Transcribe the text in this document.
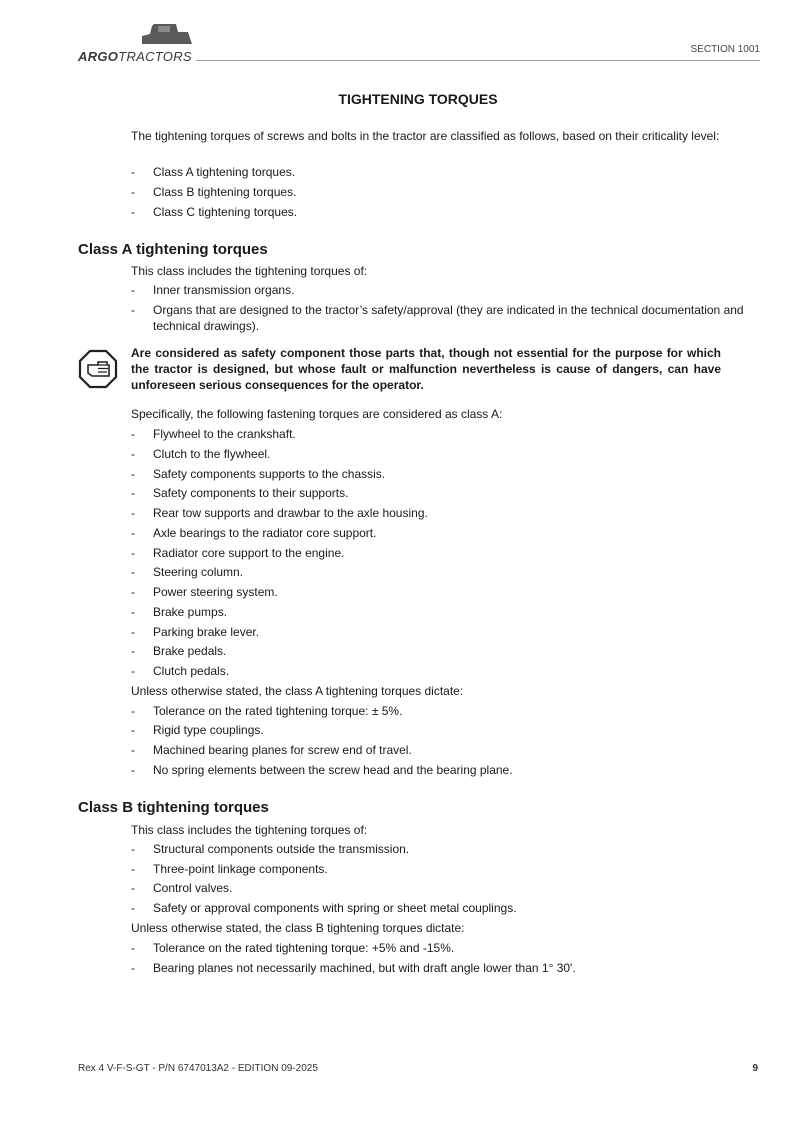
ARGOTRACTORS	SECTION 1001
TIGHTENING TORQUES
The tightening torques of screws and bolts in the tractor are classified as follows, based on their criticality level:
- Class A tightening torques.
- Class B tightening torques.
- Class C tightening torques.
Class A tightening torques
This class includes the tightening torques of:
- Inner transmission organs.
- Organs that are designed to the tractor’s safety/approval (they are indicated in the technical documentation and technical drawings).
Are considered as safety component those parts that, though not essential for the purpose for which the tractor is designed, but whose fault or malfunction nevertheless is cause of dangers, can have unforeseen serious consequences for the operator.
Specifically, the following fastening torques are considered as class A:
- Flywheel to the crankshaft.
- Clutch to the flywheel.
- Safety components supports to the chassis.
- Safety components to their supports.
- Rear tow supports and drawbar to the axle housing.
- Axle bearings to the radiator core support.
- Radiator core support to the engine.
- Steering column.
- Power steering system.
- Brake pumps.
- Parking brake lever.
- Brake pedals.
- Clutch pedals.
Unless otherwise stated, the class A tightening torques dictate:
- Tolerance on the rated tightening torque: ± 5%.
- Rigid type couplings.
- Machined bearing planes for screw end of travel.
- No spring elements between the screw head and the bearing plane.
Class B tightening torques
This class includes the tightening torques of:
- Structural components outside the transmission.
- Three-point linkage components.
- Control valves.
- Safety or approval components with spring or sheet metal couplings.
Unless otherwise stated, the class B tightening torques dictate:
- Tolerance on the rated tightening torque: +5% and -15%.
- Bearing planes not necessarily machined, but with draft angle lower than 1° 30'.
Rex 4 V-F-S-GT - P/N 6747013A2 - EDITION 09-2025	9
